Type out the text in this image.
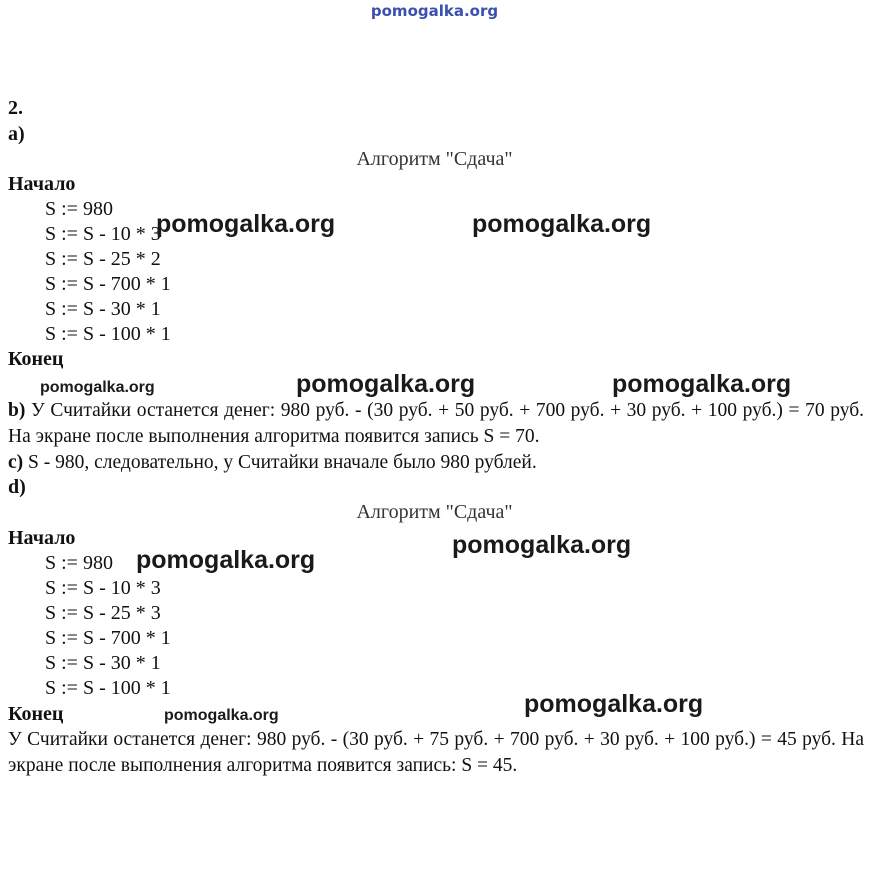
pomogalka.org
2.
a)
Алгоритм "Сдача"
Начало
S := 980
S := S - 10 * 3
S := S - 25 * 2
S := S - 700 * 1
S := S - 30 * 1
S := S - 100 * 1
Конец
b) У Считайки останется денег: 980 руб. - (30 руб. + 50 руб. + 700 руб. + 30 руб. + 100 руб.) = 70 руб. На экране после выполнения алгоритма появится запись S = 70.
c) S - 980, следовательно, у Считайки вначале было 980 рублей.
d)
Алгоритм "Сдача"
Начало
S := 980
S := S - 10 * 3
S := S - 25 * 3
S := S - 700 * 1
S := S - 30 * 1
S := S - 100 * 1
Конец
У Считайки останется денег: 980 руб. - (30 руб. + 75 руб. + 700 руб. + 30 руб. + 100 руб.) = 45 руб. На экране после выполнения алгоритма появится запись: S = 45.
pomogalka.org	pomogalka.org
pomogalka.org	pomogalka.org	pomogalka.org
pomogalka.org
pomogalka.org
pomogalka.org
pomogalka.org
